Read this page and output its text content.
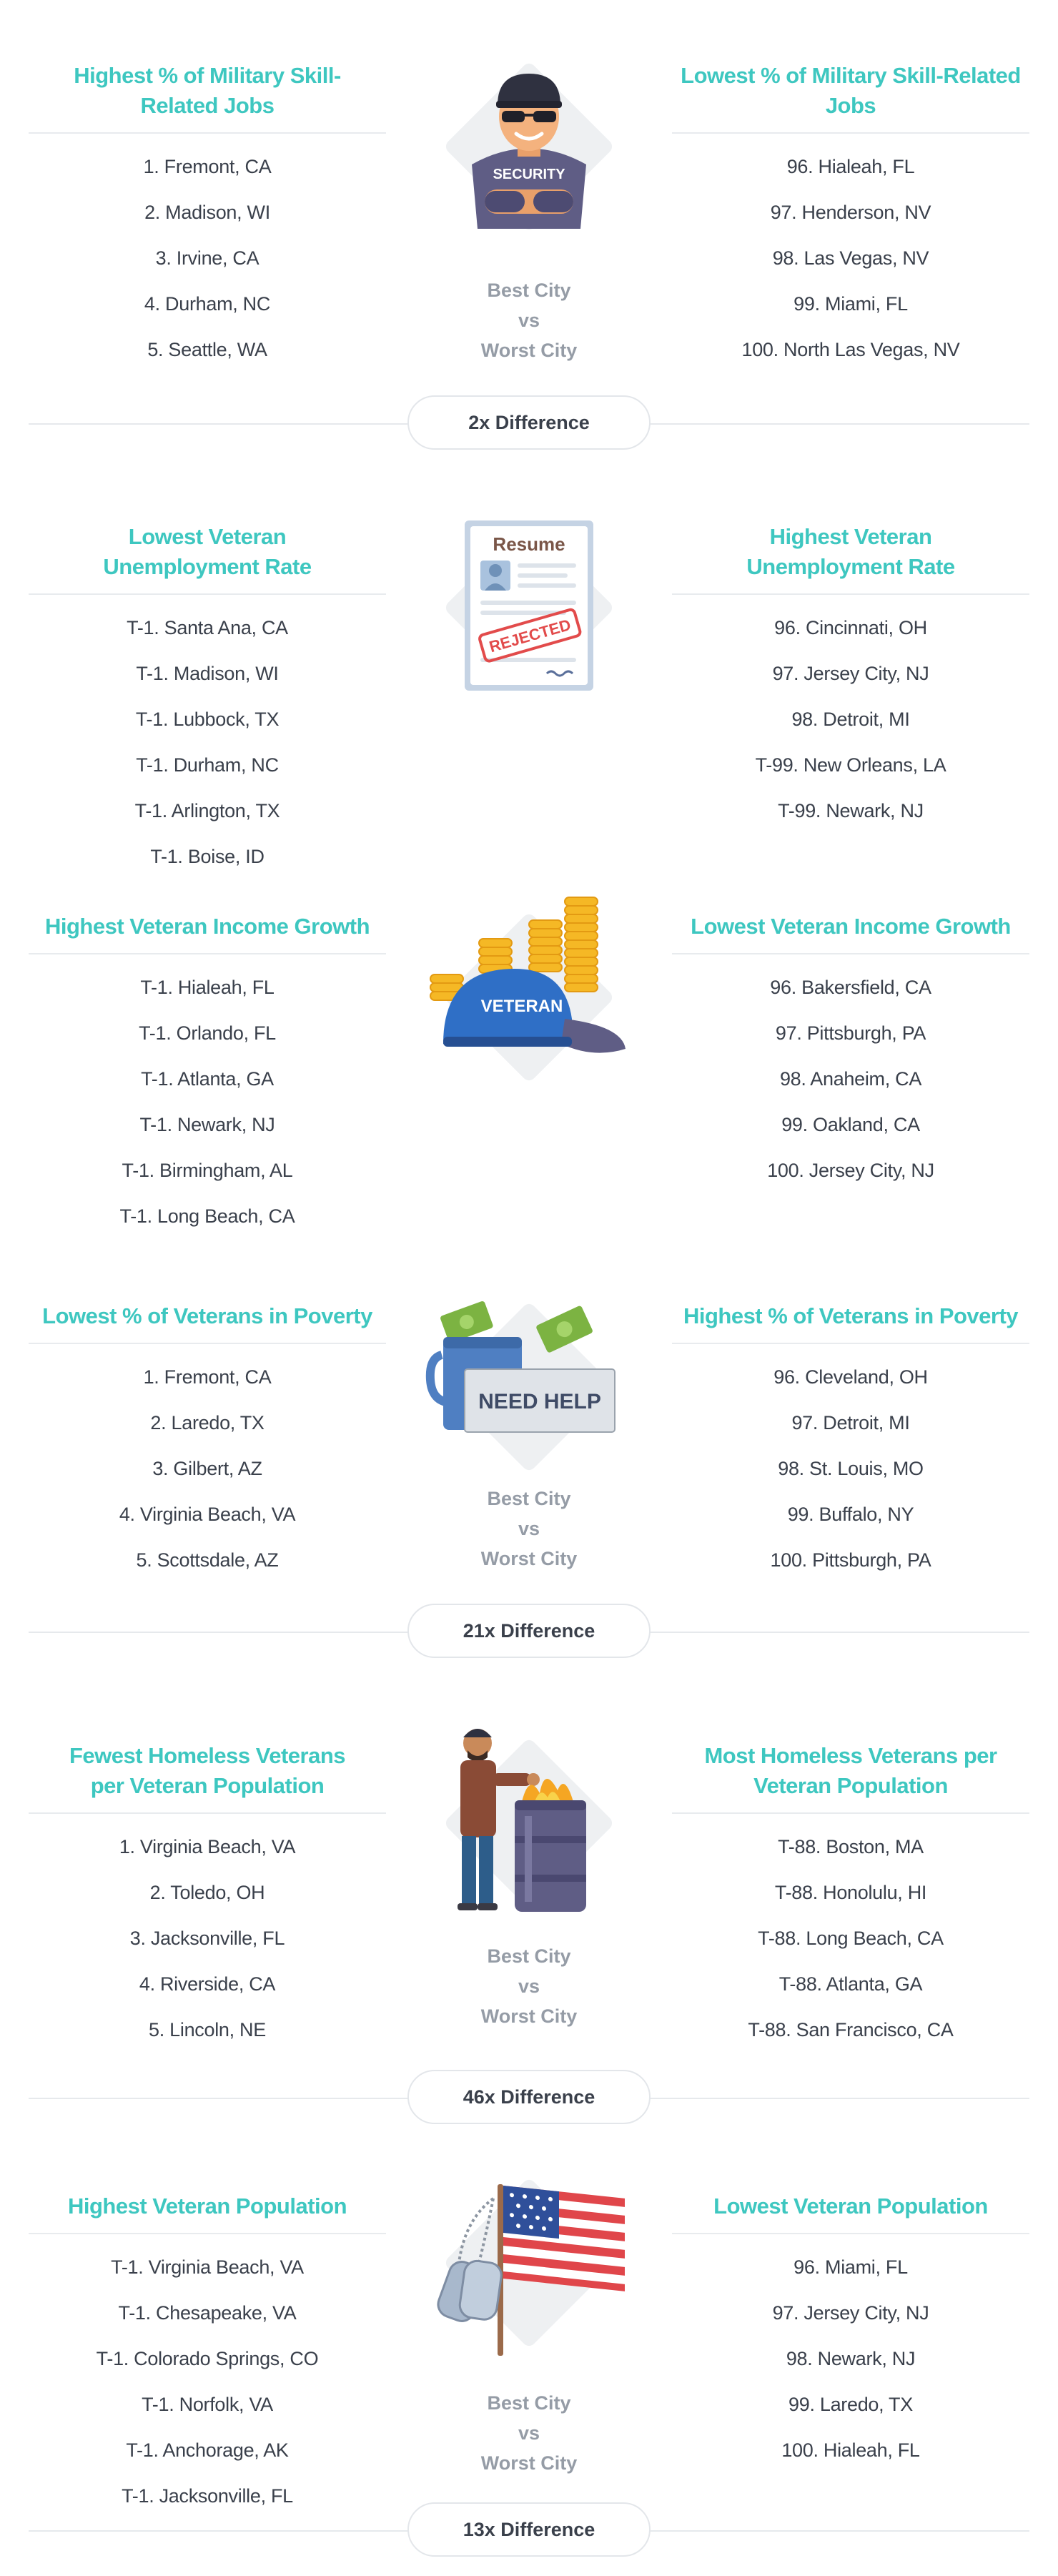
Highest % of Military Skill-Related Jobs

1. Fremont, CA
2. Madison, WI
3. Irvine, CA
4. Durham, NC
5. Seattle, WA
SECURITY
Best City
vs
Worst City

Lowest % of Military Skill-Related Jobs

96. Hialeah, FL
97. Henderson, NV
98. Las Vegas, NV
99. Miami, FL
100. North Las Vegas, NV
2x Difference

Lowest Veteran Unemployment Rate

T-1. Santa Ana, CA
T-1. Madison, WI
T-1. Lubbock, TX
T-1. Durham, NC
T-1. Arlington, TX
T-1. Boise, ID
Resume
REJECTED

Highest Veteran Unemployment Rate

96. Cincinnati, OH
97. Jersey City, NJ
98. Detroit, MI
T-99. New Orleans, LA
T-99. Newark, NJ

Highest Veteran Income Growth

T-1. Hialeah, FL
T-1. Orlando, FL
T-1. Atlanta, GA
T-1. Newark, NJ
T-1. Birmingham, AL
T-1. Long Beach, CA
VETERAN

Lowest Veteran Income Growth

96. Bakersfield, CA
97. Pittsburgh, PA
98. Anaheim, CA
99. Oakland, CA
100. Jersey City, NJ

Lowest % of Veterans in Poverty

1. Fremont, CA
2. Laredo, TX
3. Gilbert, AZ
4. Virginia Beach, VA
5. Scottsdale, AZ
NEED HELP
Best City
vs
Worst City

Highest % of Veterans in Poverty

96. Cleveland, OH
97. Detroit, MI
98. St. Louis, MO
99. Buffalo, NY
100. Pittsburgh, PA
21x Difference

Fewest Homeless Veterans per Veteran Population

1. Virginia Beach, VA
2. Toledo, OH
3. Jacksonville, FL
4. Riverside, CA
5. Lincoln, NE
Best City
vs
Worst City

Most Homeless Veterans per Veteran Population

T-88. Boston, MA
T-88. Honolulu, HI
T-88. Long Beach, CA
T-88. Atlanta, GA
T-88. San Francisco, CA
46x Difference

Highest Veteran Population

T-1. Virginia Beach, VA
T-1. Chesapeake, VA
T-1. Colorado Springs, CO
T-1. Norfolk, VA
T-1. Anchorage, AK
T-1. Jacksonville, FL
Best City
vs
Worst City

Lowest Veteran Population

96. Miami, FL
97. Jersey City, NJ
98. Newark, NJ
99. Laredo, TX
100. Hialeah, FL
13x Difference
